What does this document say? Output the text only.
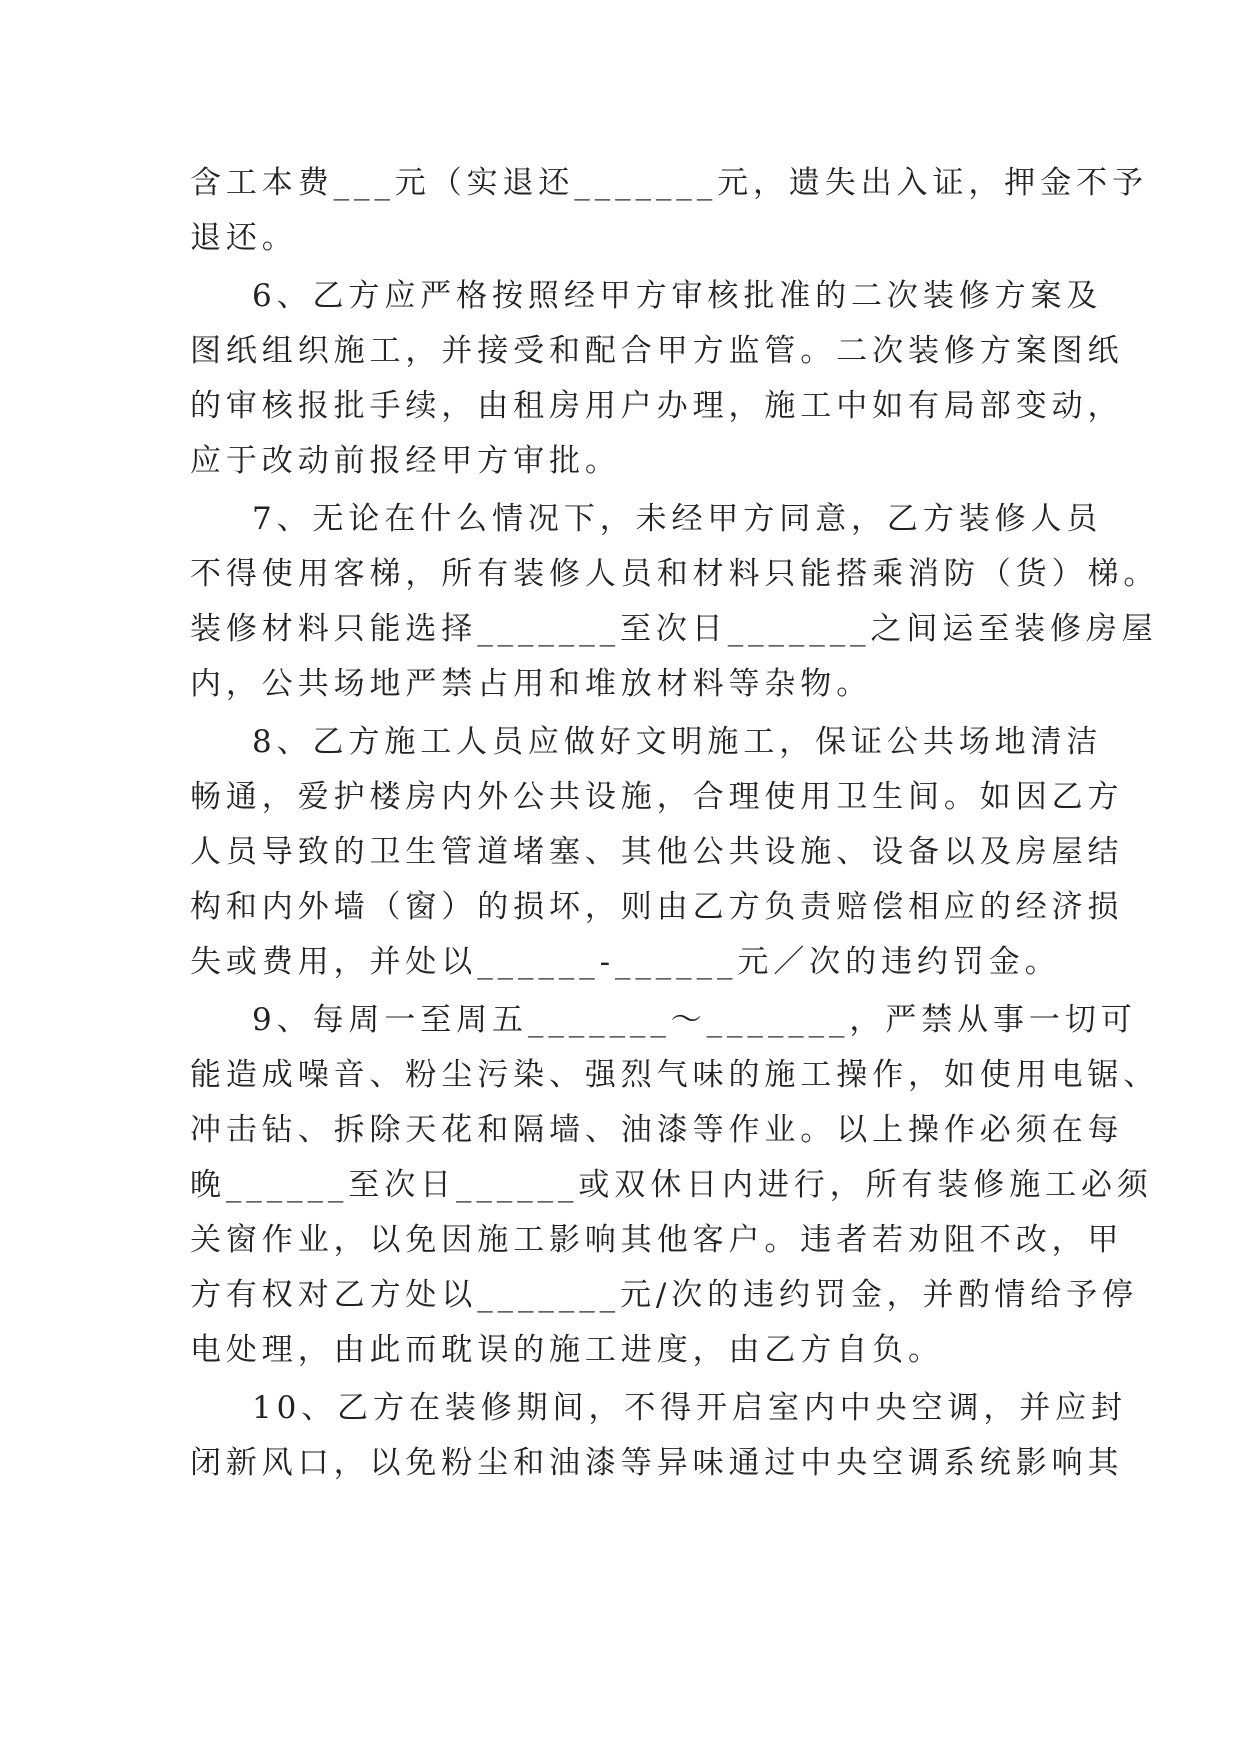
含工本费___元（实退还_______元，遗失出入证，押金不予
退还。
6、乙方应严格按照经甲方审核批准的二次装修方案及
图纸组织施工，并接受和配合甲方监管。二次装修方案图纸
的审核报批手续，由租房用户办理，施工中如有局部变动，
应于改动前报经甲方审批。
7、无论在什么情况下，未经甲方同意，乙方装修人员
不得使用客梯，所有装修人员和材料只能搭乘消防（货）梯。
装修材料只能选择_______至次日_______之间运至装修房屋
内，公共场地严禁占用和堆放材料等杂物。
8、乙方施工人员应做好文明施工，保证公共场地清洁
畅通，爱护楼房内外公共设施，合理使用卫生间。如因乙方
人员导致的卫生管道堵塞、其他公共设施、设备以及房屋结
构和内外墙（窗）的损坏，则由乙方负责赔偿相应的经济损
失或费用，并处以______-______元／次的违约罚金。
9、每周一至周五_______～_______，严禁从事一切可
能造成噪音、粉尘污染、强烈气味的施工操作，如使用电锯、
冲击钻、拆除天花和隔墙、油漆等作业。以上操作必须在每
晚______至次日______或双休日内进行，所有装修施工必须
关窗作业，以免因施工影响其他客户。违者若劝阻不改，甲
方有权对乙方处以_______元/次的违约罚金，并酌情给予停
电处理，由此而耽误的施工进度，由乙方自负。
10、乙方在装修期间，不得开启室内中央空调，并应封
闭新风口，以免粉尘和油漆等异味通过中央空调系统影响其
